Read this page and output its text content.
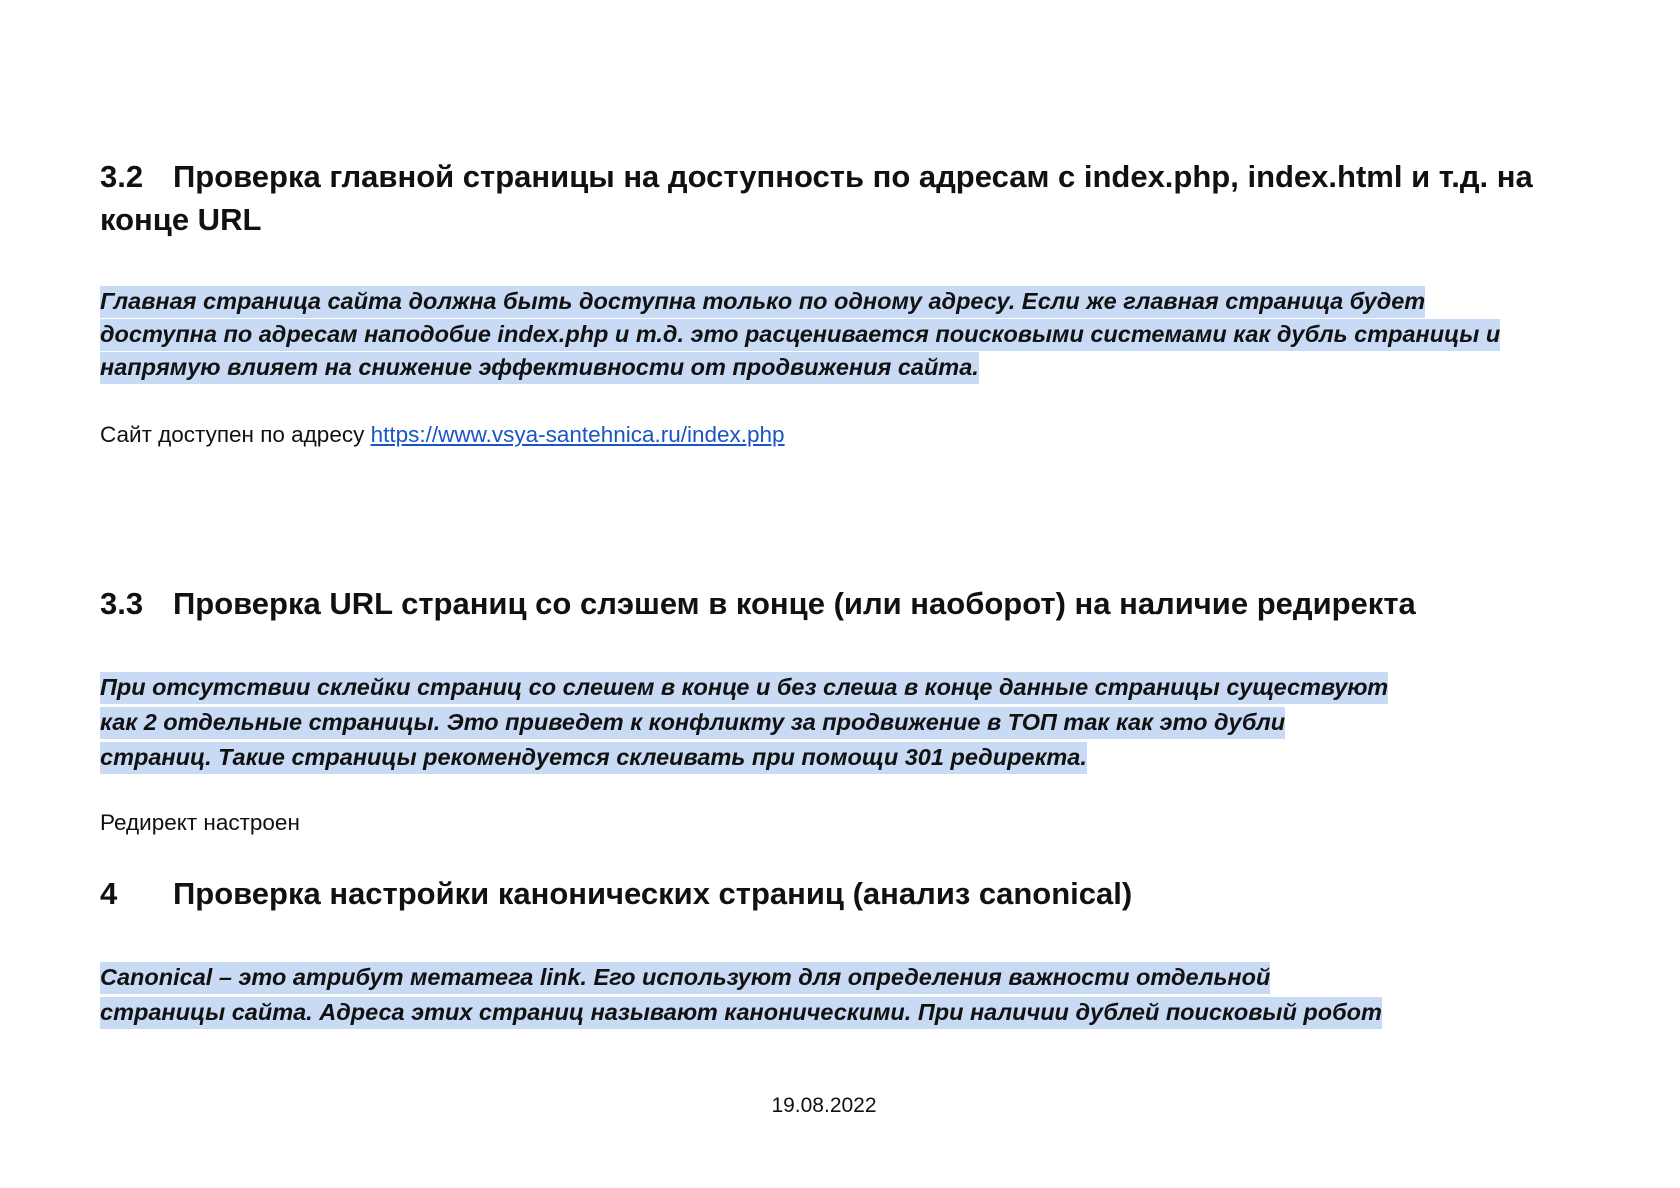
3.2 Проверка главной страницы на доступность по адресам с index.php, index.html и т.д. на конце URL
Главная страница сайта должна быть доступна только по одному адресу. Если же главная страница будет
доступна по адресам наподобие index.php и т.д. это расценивается поисковыми системами как дубль страницы и
напрямую влияет на снижение эффективности от продвижения сайта.

Сайт доступен по адресу https://www.vsya-santehnica.ru/index.php

3.3 Проверка URL страниц со слэшем в конце (или наоборот) на наличие редиректа
При отсутствии склейки страниц со слешем в конце и без слеша в конце данные страницы существуют
как 2 отдельные страницы. Это приведет к конфликту за продвижение в ТОП так как это дубли
страниц. Такие страницы рекомендуется склеивать при помощи 301 редиректа.

Редирект настроен

4	Проверка настройки канонических страниц (анализ canonical)
Canonical – это атрибут метатега link. Его используют для определения важности отдельной
страницы сайта. Адреса этих страниц называют каноническими. При наличии дублей поисковый робот
19.08.2022
